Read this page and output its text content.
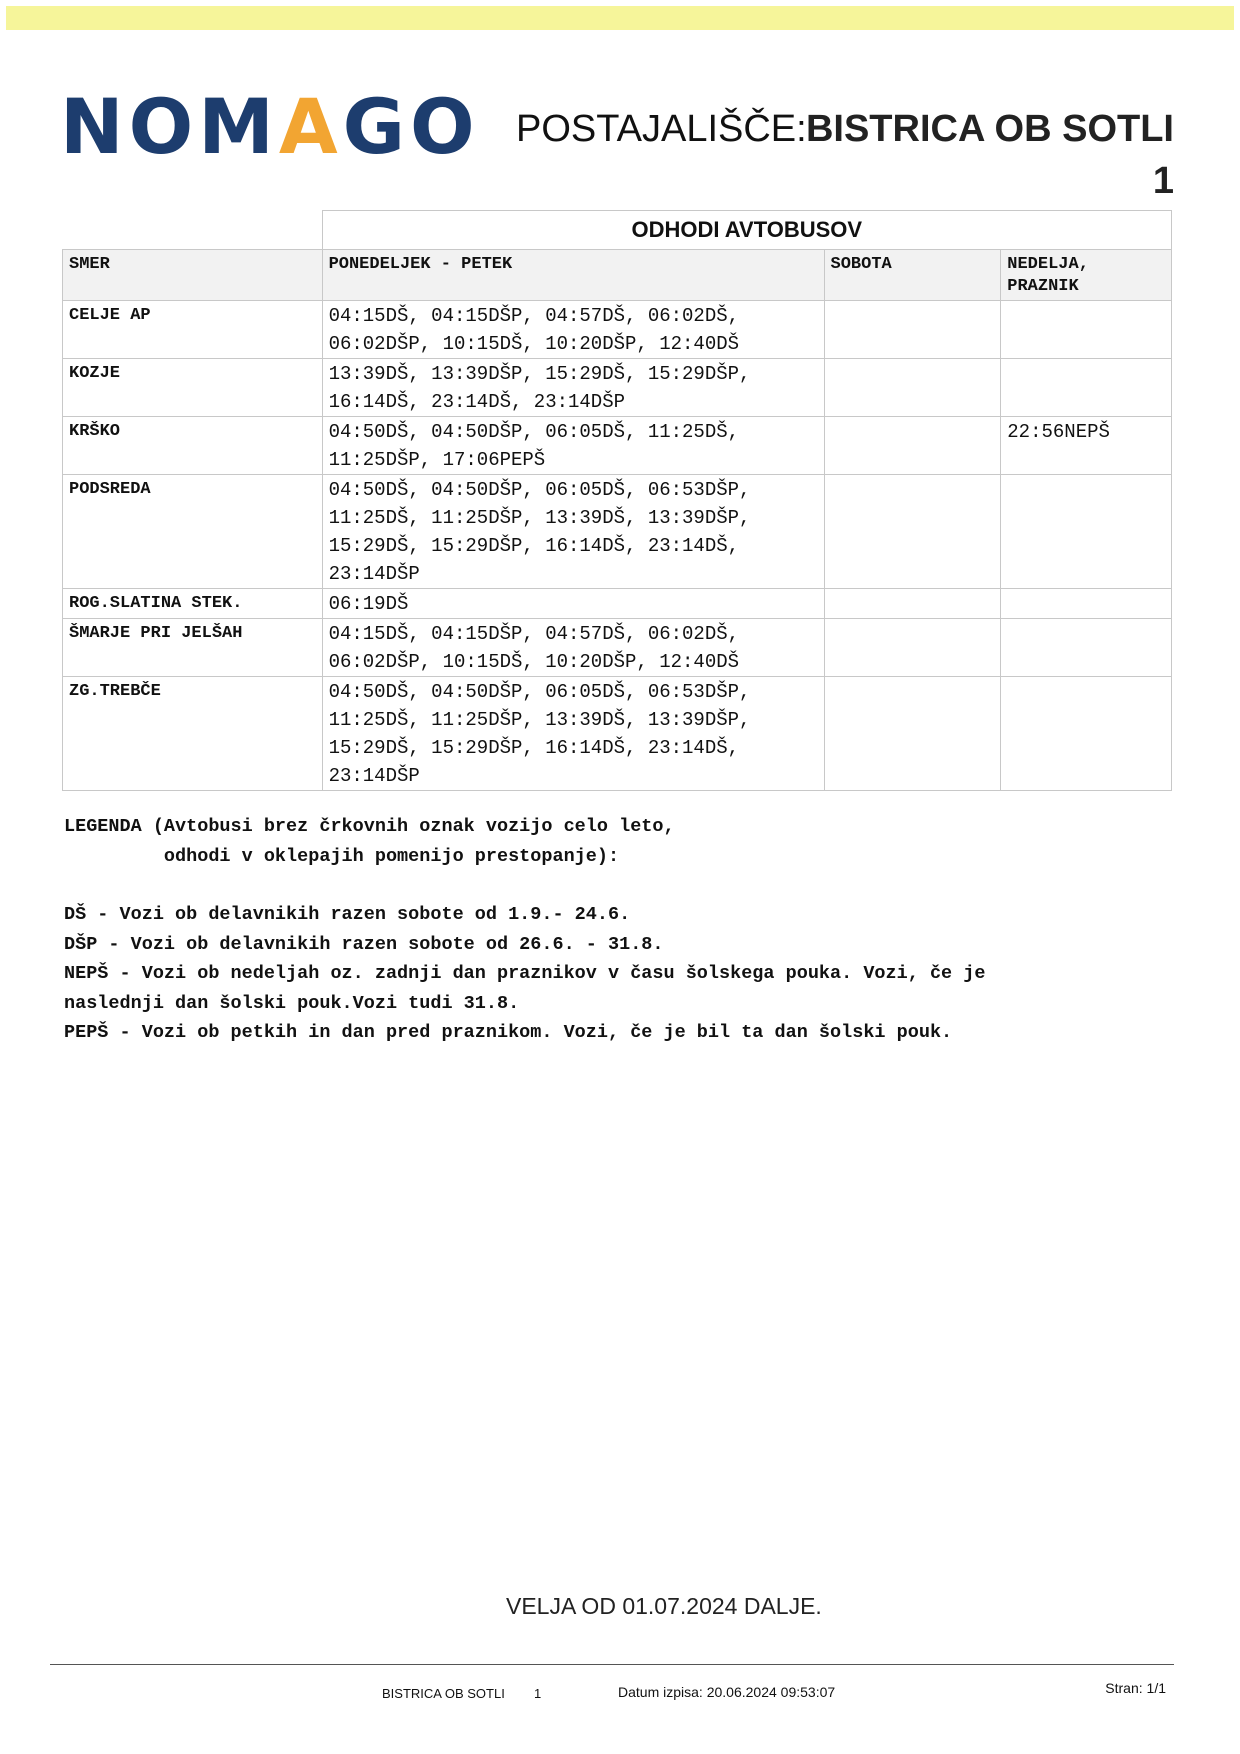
NOMAGO POSTAJALIŠČE: BISTRICA OB SOTLI
1
	ODHODI AVTOBUSOV		
SMER	PONEDELJEK - PETEK	SOBOTA	NEDELJA, PRAZNIK
CELJE AP	04:15DŠ, 04:15DŠP, 04:57DŠ, 06:02DŠ,
06:02DŠP, 10:15DŠ, 10:20DŠP, 12:40DŠ		

KOZJE	13:39DŠ, 13:39DŠP, 15:29DŠ, 15:29DŠP,
16:14DŠ, 23:14DŠ, 23:14DŠP		

KRŠKO	04:50DŠ, 04:50DŠP, 06:05DŠ, 11:25DŠ,
11:25DŠP, 17:06PEPŠ		22:56NEPŠ
PODSREDA	04:50DŠ, 04:50DŠP, 06:05DŠ, 06:53DŠP,
11:25DŠ, 11:25DŠP, 13:39DŠ, 13:39DŠP,
15:29DŠ, 15:29DŠP, 16:14DŠ, 23:14DŠ,
23:14DŠP		

ROG.SLATINA STEK.	06:19DŠ		

ŠMARJE PRI JELŠAH	04:15DŠ, 04:15DŠP, 04:57DŠ, 06:02DŠ,
06:02DŠP, 10:15DŠ, 10:20DŠP, 12:40DŠ		

ZG.TREBČE	04:50DŠ, 04:50DŠP, 06:05DŠ, 06:53DŠP,
11:25DŠ, 11:25DŠP, 13:39DŠ, 13:39DŠP,
15:29DŠ, 15:29DŠP, 16:14DŠ, 23:14DŠ,
23:14DŠP		

LEGENDA (Avtobusi brez črkovnih oznak vozijo celo leto,
odhodi v oklepajih pomenijo prestopanje):
DŠ - Vozi ob delavnikih razen sobote od 1.9.- 24.6.
DŠP - Vozi ob delavnikih razen sobote od 26.6. - 31.8.
NEPŠ - Vozi ob nedeljah oz. zadnji dan praznikov v času šolskega pouka. Vozi, če je
naslednji dan šolski pouk.Vozi tudi 31.8.
PEPŠ - Vozi ob petkih in dan pred praznikom. Vozi, če je bil ta dan šolski pouk.
VELJA OD 01.07.2024 DALJE.
BISTRICA OB SOTLI 1	Datum izpisa: 20.06.2024 09:53:07	Stran: 1/1
